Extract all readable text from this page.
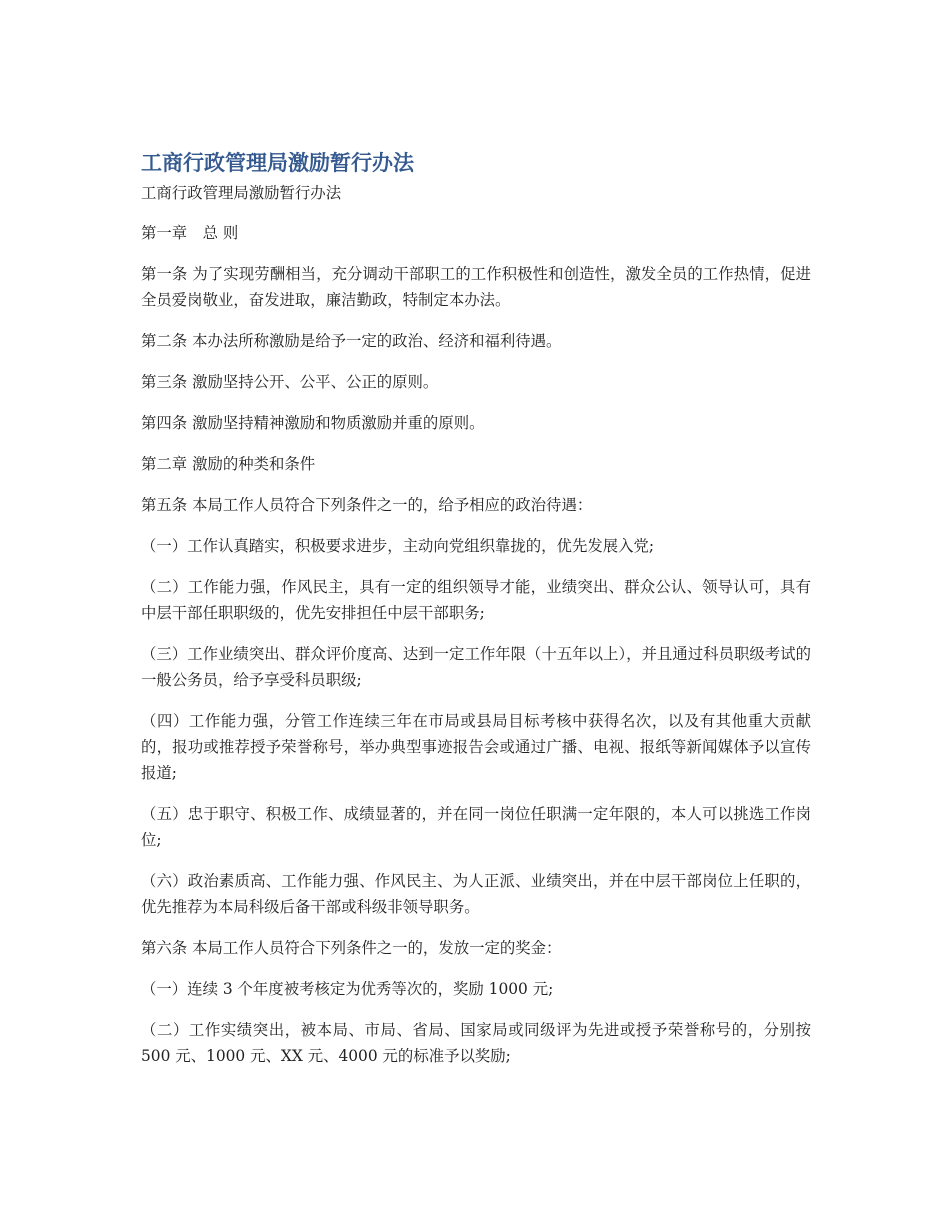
工商行政管理局激励暂行办法

工商行政管理局激励暂行办法

第一章　总 则

第一条 为了实现劳酬相当，充分调动干部职工的工作积极性和创造性，激发全员的工作热情，促进全员爱岗敬业，奋发进取，廉洁勤政，特制定本办法。

第二条 本办法所称激励是给予一定的政治、经济和福利待遇。

第三条 激励坚持公开、公平、公正的原则。

第四条 激励坚持精神激励和物质激励并重的原则。

第二章 激励的种类和条件

第五条 本局工作人员符合下列条件之一的，给予相应的政治待遇：

（一）工作认真踏实，积极要求进步，主动向党组织靠拢的，优先发展入党;

（二）工作能力强，作风民主，具有一定的组织领导才能，业绩突出、群众公认、领导认可，具有中层干部任职职级的，优先安排担任中层干部职务;

（三）工作业绩突出、群众评价度高、达到一定工作年限（十五年以上），并且通过科员职级考试的一般公务员，给予享受科员职级;

（四）工作能力强，分管工作连续三年在市局或县局目标考核中获得名次，以及有其他重大贡献的，报功或推荐授予荣誉称号，举办典型事迹报告会或通过广播、电视、报纸等新闻媒体予以宣传报道;

（五）忠于职守、积极工作、成绩显著的，并在同一岗位任职满一定年限的，本人可以挑选工作岗位;

（六）政治素质高、工作能力强、作风民主、为人正派、业绩突出，并在中层干部岗位上任职的，优先推荐为本局科级后备干部或科级非领导职务。

第六条 本局工作人员符合下列条件之一的，发放一定的奖金：

（一）连续 3 个年度被考核定为优秀等次的，奖励 1000 元;

（二）工作实绩突出，被本局、市局、省局、国家局或同级评为先进或授予荣誉称号的，分别按 500 元、1000 元、XX 元、4000 元的标准予以奖励;
